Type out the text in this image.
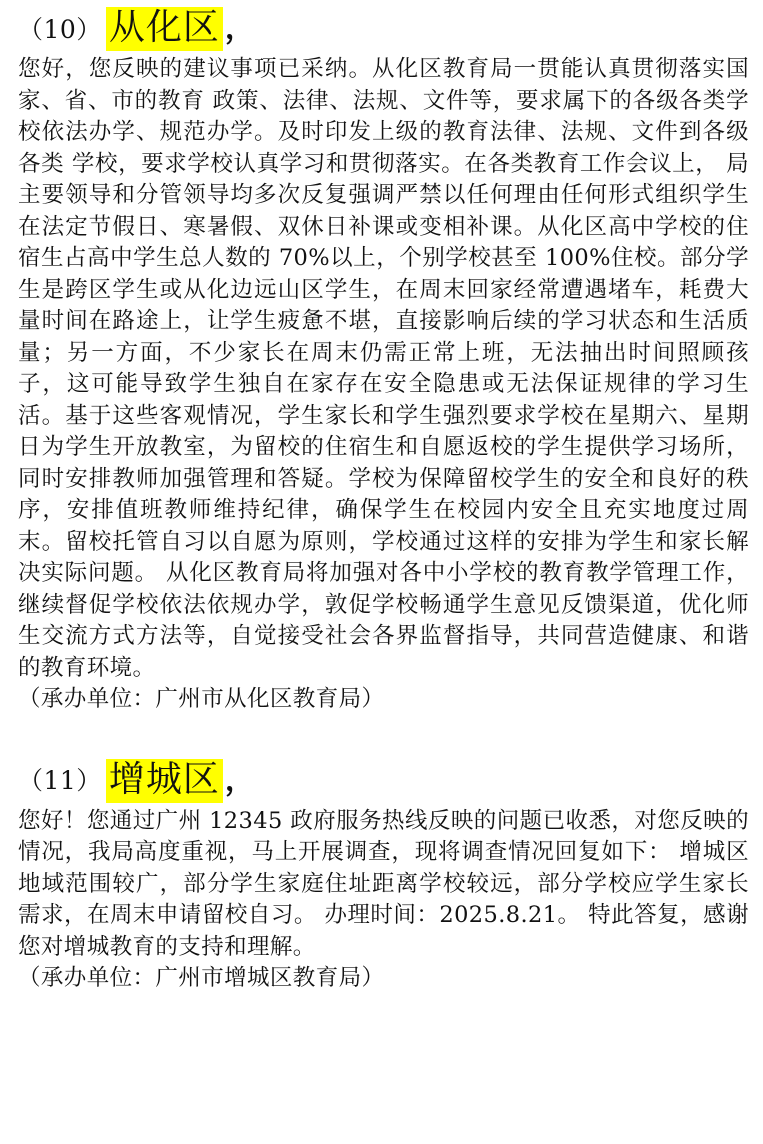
（10） 从化区 ，

您好，您反映的建议事项已采纳。从化区教育局一贯能认真贯彻落实国家、省、市的教育 政策、法律、法规、文件等，要求属下的各级各类学校依法办学、规范办学。及时印发上级的教育法律、法规、文件到各级各类 学校，要求学校认真学习和贯彻落实。在各类教育工作会议上， 局主要领导和分管领导均多次反复强调严禁以任何理由任何形式组织学生在法定节假日、寒暑假、双休日补课或变相补课。从化区高中学校的住宿生占高中学生总人数的 70%以上，个别学校甚至 100%住校。部分学生是跨区学生或从化边远山区学生，在周末回家经常遭遇堵车，耗费大量时间在路途上，让学生疲惫不堪，直接影响后续的学习状态和生活质量；另一方面，不少家长在周末仍需正常上班，无法抽出时间照顾孩子，这可能导致学生独自在家存在安全隐患或无法保证规律的学习生活。基于这些客观情况，学生家长和学生强烈要求学校在星期六、星期日为学生开放教室，为留校的住宿生和自愿返校的学生提供学习场所，同时安排教师加强管理和答疑。学校为保障留校学生的安全和良好的秩序，安排值班教师维持纪律，确保学生在校园内安全且充实地度过周末。留校托管自习以自愿为原则，学校通过这样的安排为学生和家长解决实际问题。 从化区教育局将加强对各中小学校的教育教学管理工作，继续督促学校依法依规办学，敦促学校畅通学生意见反馈渠道，优化师生交流方式方法等，自觉接受社会各界监督指导，共同营造健康、和谐的教育环境。

（承办单位：广州市从化区教育局）

（11） 增城区 ，

您好！您通过广州 12345 政府服务热线反映的问题已收悉，对您反映的情况，我局高度重视，马上开展调查，现将调查情况回复如下： 增城区地域范围较广，部分学生家庭住址距离学校较远，部分学校应学生家长需求，在周末申请留校自习。 办理时间：2025.8.21。 特此答复，感谢您对增城教育的支持和理解。

（承办单位：广州市增城区教育局）
